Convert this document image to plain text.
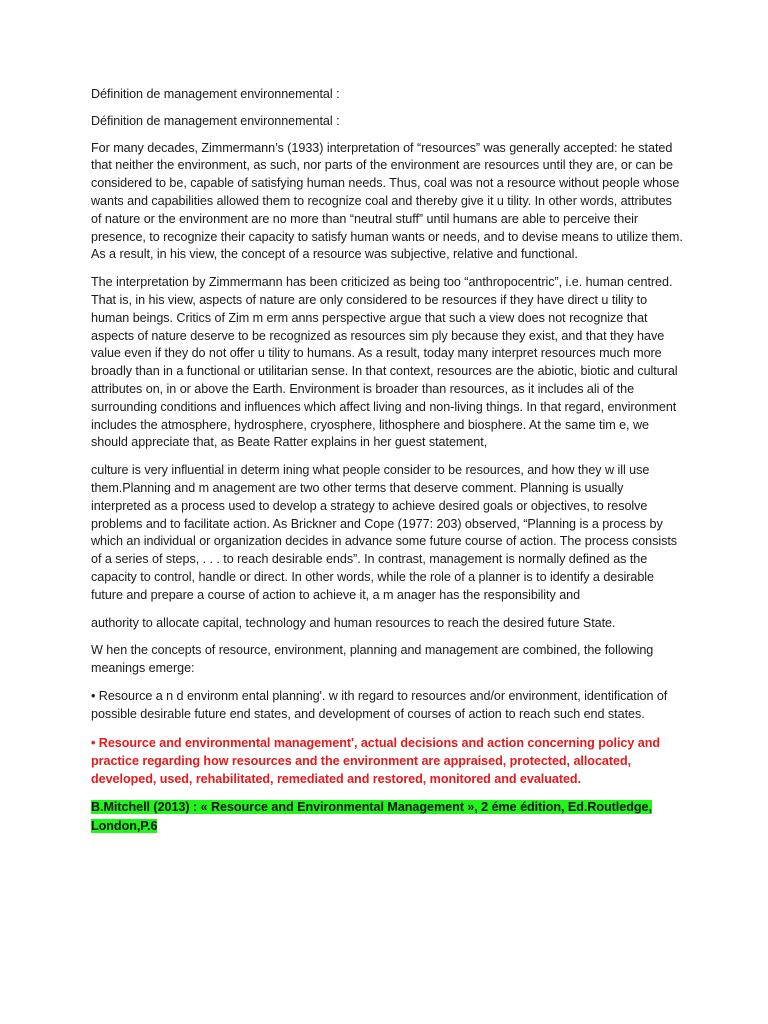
Définition de management environnemental :

Définition de management environnemental :

For many decades, Zimmermann’s (1933) interpretation of “resources” was generally accepted: he stated that neither the environment, as such, nor parts of the environment are resources until they are, or can be considered to be, capable of satisfying human needs. Thus, coal was not a resource without people whose wants and capabilities allowed them to recognize coal and thereby give it u tility. In other words, attributes of nature or the environment are no more than “neutral stuff” until humans are able to perceive their presence, to recognize their capacity to satisfy human wants or needs, and to devise means to utilize them. As a result, in his view, the concept of a resource was subjective, relative and functional.

The interpretation by Zimmermann has been criticized as being too “anthropocentric”, i.e. human centred. That is, in his view, aspects of nature are only considered to be resources if they have direct u tility to human beings. Critics of Zim m erm anns perspective argue that such a view does not recognize that aspects of nature deserve to be recognized as resources sim ply because they exist, and that they have value even if they do not offer u tility to humans. As a result, today many interpret resources much more broadly than in a functional or utilitarian sense. In that context, resources are the abiotic, biotic and cultural attributes on, in or above the Earth. Environment is broader than resources, as it includes ali of the surrounding conditions and influences which affect living and non-living things. In that regard, environment includes the atmosphere, hydrosphere, cryosphere, lithosphere and biosphere. At the same tim e, we should appreciate that, as Beate Ratter explains in her guest statement,

culture is very influential in determ ining what people consider to be resources, and how they w ill use them.Planning and m anagement are two other terms that deserve comment. Planning is usually interpreted as a process used to develop a strategy to achieve desired goals or objectives, to resolve problems and to facilitate action. As Brickner and Cope (1977: 203) observed, “Planning is a process by which an individual or organization decides in advance some future course of action. The process consists of a series of steps, . . . to reach desirable ends”. In contrast, management is normally defined as the capacity to control, handle or direct. In other words, while the role of a planner is to identify a desirable future and prepare a course of action to achieve it, a m anager has the responsibility and

authority to allocate capital, technology and human resources to reach the desired future State.

W hen the concepts of resource, environment, planning and management are combined, the following meanings emerge:

• Resource a n d environm ental planning'. w ith regard to resources and/or environment, identification of possible desirable future end states, and development of courses of action to reach such end states.

• Resource and environmental management', actual decisions and action concerning policy and practice regarding how resources and the environment are appraised, protected, allocated, developed, used, rehabilitated, remediated and restored, monitored and evaluated.

B.Mitchell (2013) : « Resource and Environmental Management », 2 éme édition, Ed.Routledge, London,P.6
